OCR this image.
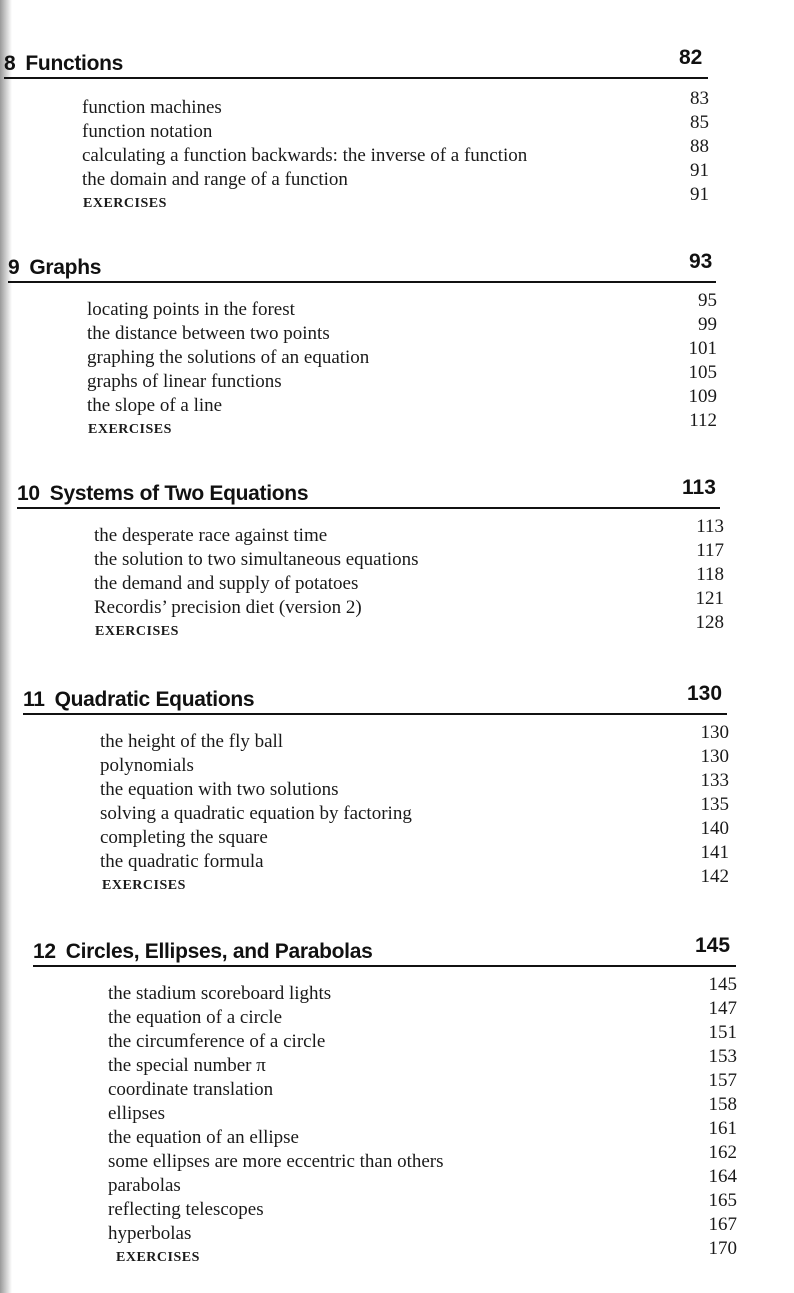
8 Functions	82
function machines	83
function notation	85
calculating a function backwards: the inverse of a function	88
the domain and range of a function	91
EXERCISES	91
9 Graphs	93
locating points in the forest	95
the distance between two points	99
graphing the solutions of an equation	101
graphs of linear functions	105
the slope of a line	109
EXERCISES	112
10 Systems of Two Equations	113
the desperate race against time	113
the solution to two simultaneous equations	117
the demand and supply of potatoes	118
Recordis’ precision diet (version 2)	121
EXERCISES	128
11 Quadratic Equations	130
the height of the fly ball	130
polynomials	130
the equation with two solutions	133
solving a quadratic equation by factoring	135
completing the square	140
the quadratic formula	141
EXERCISES	142
12 Circles, Ellipses, and Parabolas	145
the stadium scoreboard lights	145
the equation of a circle	147
the circumference of a circle	151
the special number π	153
coordinate translation	157
ellipses	158
the equation of an ellipse	161
some ellipses are more eccentric than others	162
parabolas	164
reflecting telescopes	165
hyperbolas	167
EXERCISES	170
